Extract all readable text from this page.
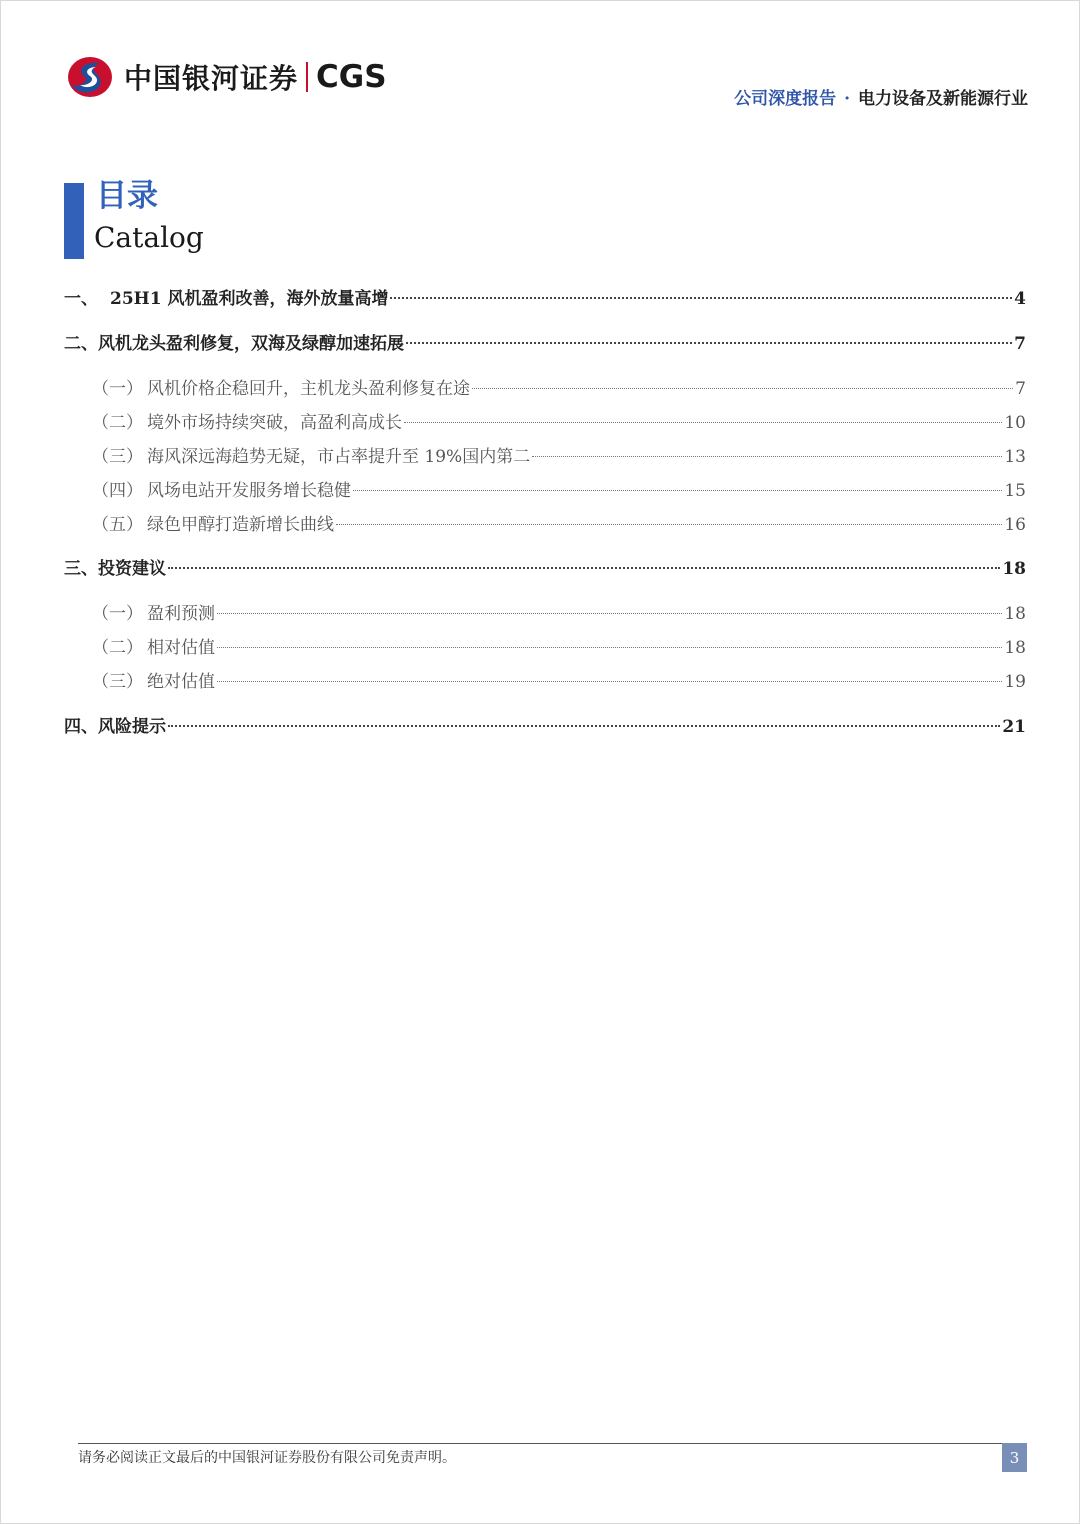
中国银河证券 CGS
公司深度报告 · 电力设备及新能源行业
目录
Catalog
一、 25H1 风机盈利改善，海外放量高增	4
二、 风机龙头盈利修复，双海及绿醇加速拓展	7
（一） 风机价格企稳回升，主机龙头盈利修复在途	7
（二） 境外市场持续突破，高盈利高成长	10
（三） 海风深远海趋势无疑，市占率提升至 19%国内第二	13
（四） 风场电站开发服务增长稳健	15
（五） 绿色甲醇打造新增长曲线	16
三、 投资建议	18
（一） 盈利预测	18
（二） 相对估值	18
（三） 绝对估值	19
四、 风险提示	21
请务必阅读正文最后的中国银河证券股份有限公司免责声明。	3
